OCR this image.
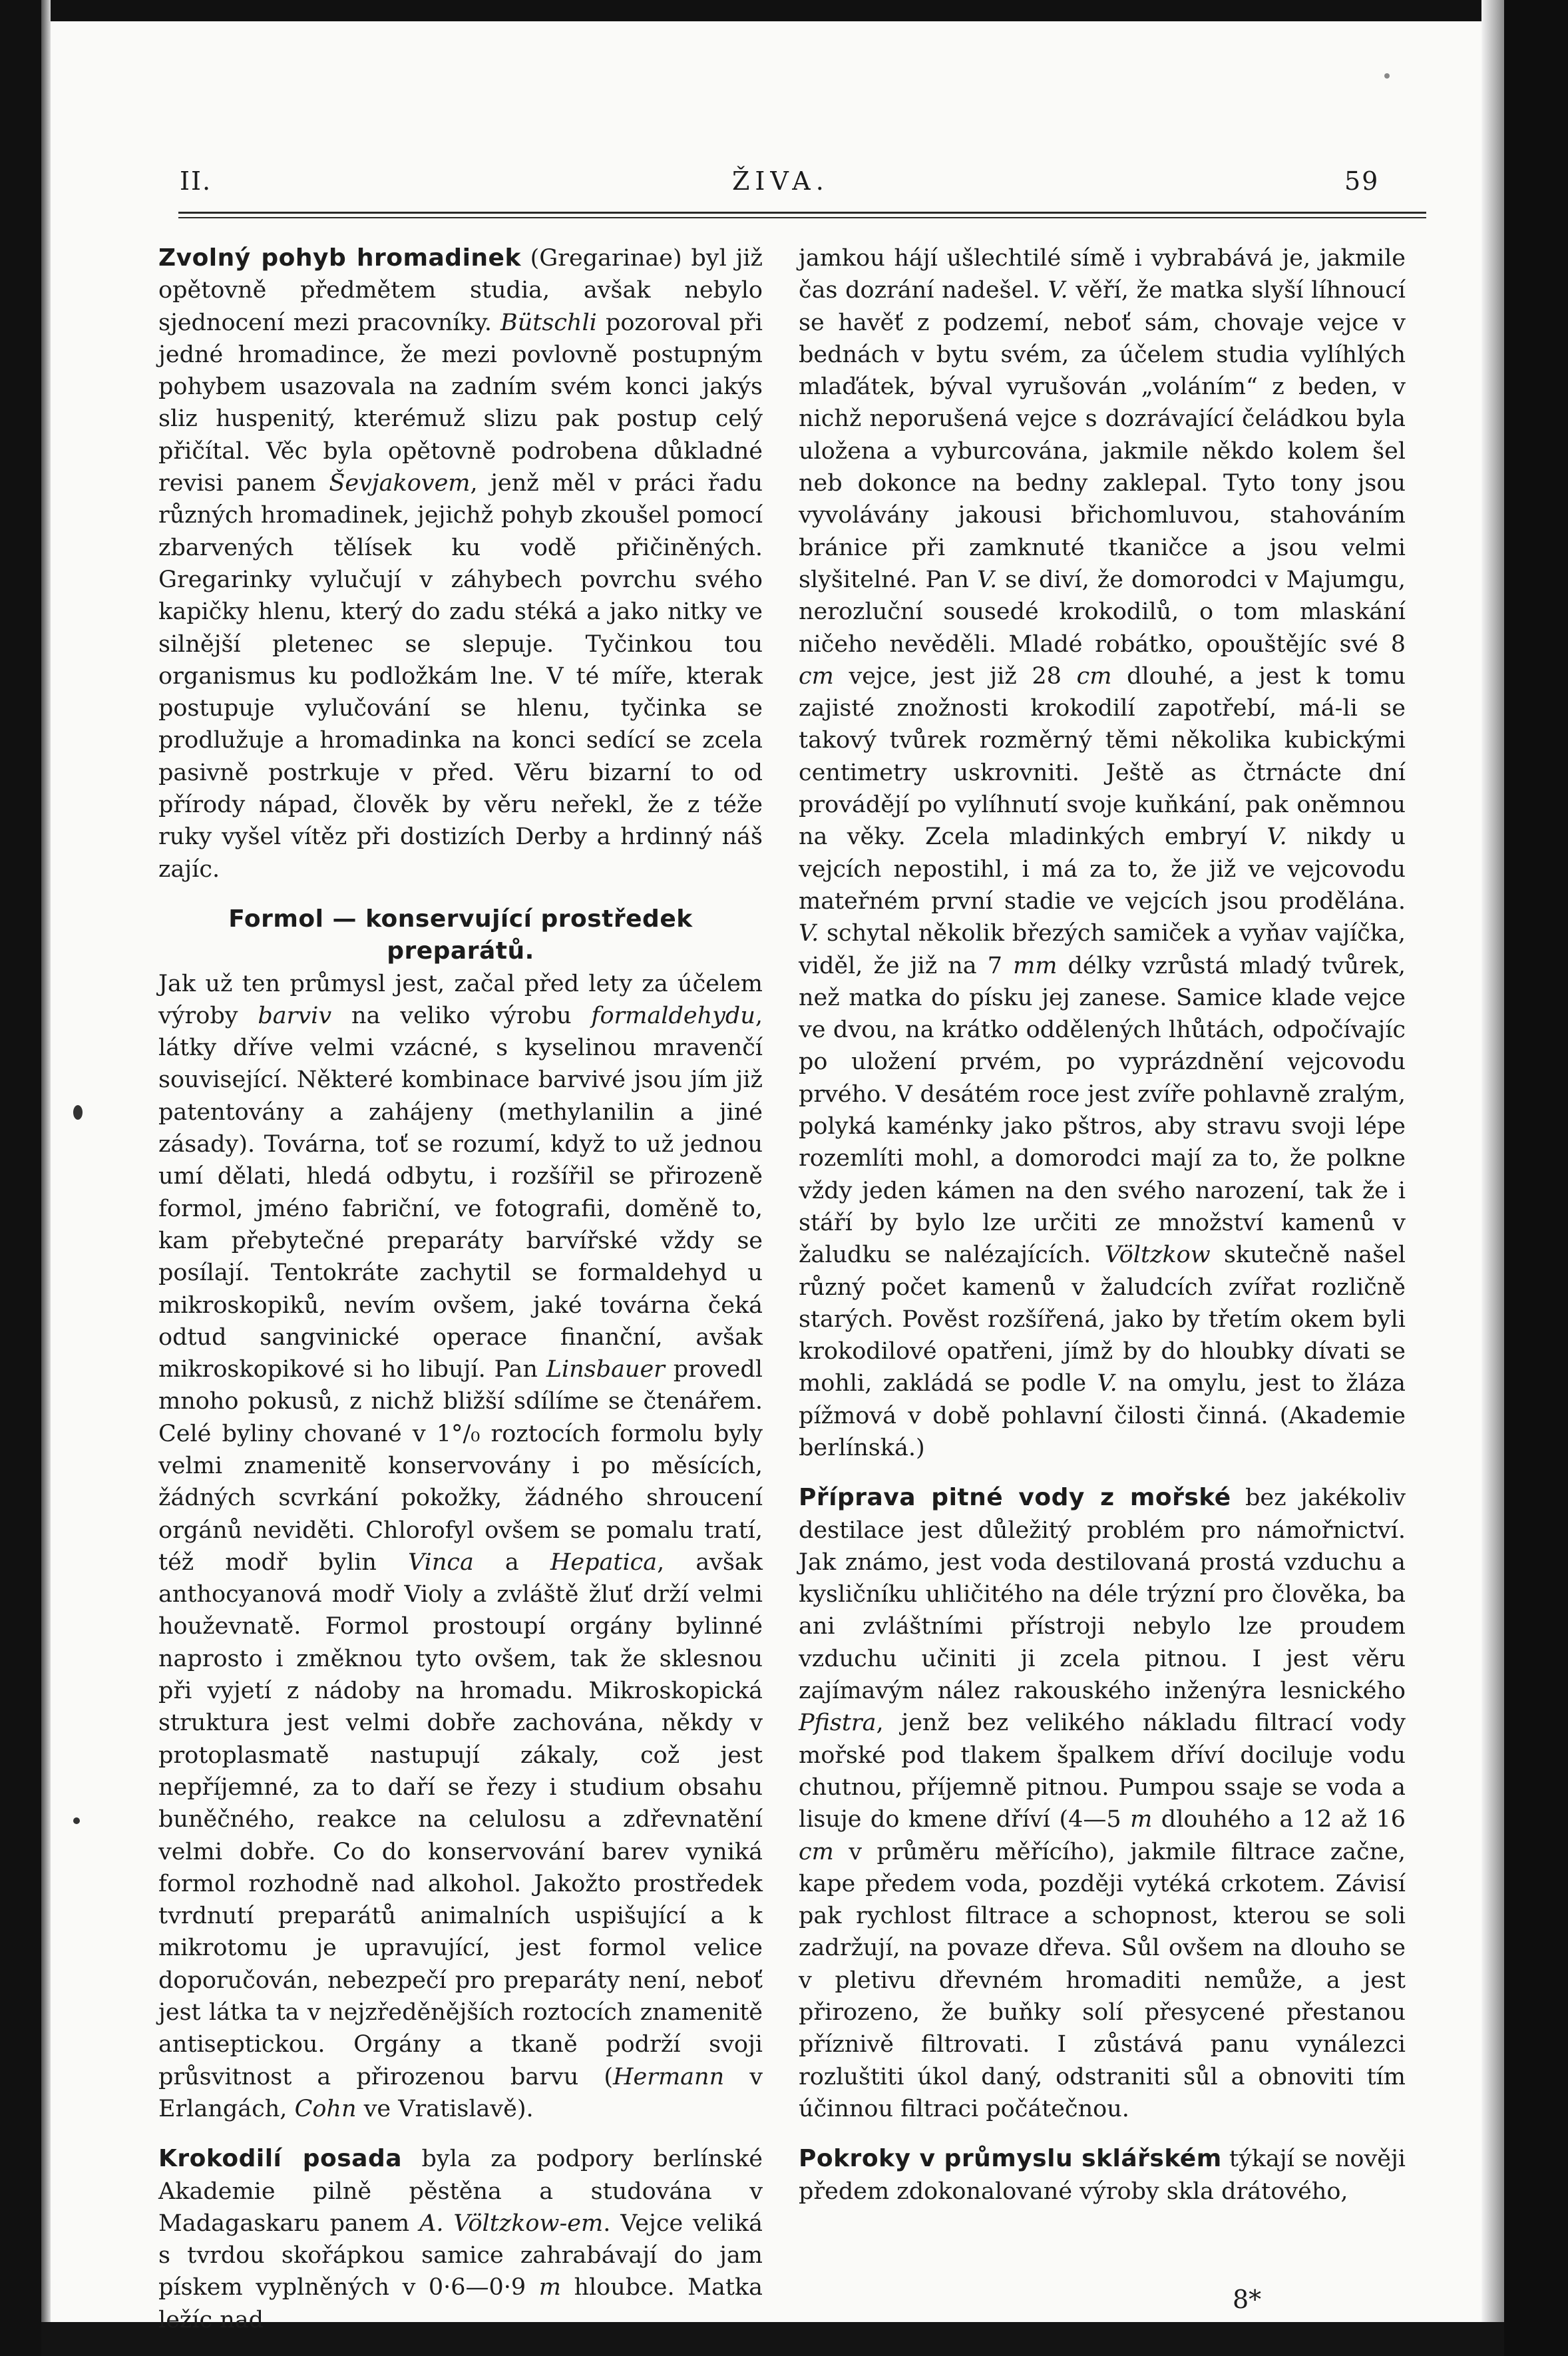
II.	ŽIVA.	59

Zvolný pohyb hromadinek (Gregarinae) byl již opětovně předmětem studia, avšak nebylo sjednocení mezi pracovníky. Bütschli pozoroval při jedné hromadince, že mezi povlovně postupným pohybem usazovala na zadním svém konci jakýs sliz huspenitý, kterémuž slizu pak postup celý přičítal. Věc byla opětovně podrobena důkladné revisi panem Ševjakovem, jenž měl v práci řadu různých hromadinek, jejichž pohyb zkoušel pomocí zbarvených tělísek ku vodě přičiněných. Gregarinky vylučují v záhybech povrchu svého kapičky hlenu, který do zadu stéká a jako nitky ve silnější pletenec se slepuje. Tyčinkou tou organismus ku podložkám lne. V té míře, kterak postupuje vylučování se hlenu, tyčinka se prodlužuje a hromadinka na konci sedící se zcela pasivně postrkuje v před. Věru bizarní to od přírody nápad, člověk by věru neřekl, že z téže ruky vyšel vítěz při dostizích Derby a hrdinný náš zajíc.

Formol — konservující prostředek preparátů.
Jak už ten průmysl jest, začal před lety za účelem výroby barviv na veliko výrobu formaldehydu, látky dříve velmi vzácné, s kyselinou mravenčí související. Některé kombinace barvivé jsou jím již patentovány a zahájeny (methylanilin a jiné zásady). Továrna, toť se rozumí, když to už jednou umí dělati, hledá odbytu, i rozšířil se přirozeně formol, jméno fabriční, ve fotografii, doměně to, kam přebytečné preparáty barvířské vždy se posílají. Tentokráte zachytil se formaldehyd u mikroskopiků, nevím ovšem, jaké továrna čeká odtud sangvinické operace finanční, avšak mikroskopikové si ho libují. Pan Linsbauer provedl mnoho pokusů, z nichž bližší sdílíme se čtenářem. Celé byliny chované v 1°/₀ roztocích formolu byly velmi znamenitě konservovány i po měsících, žádných scvrkání pokožky, žádného shroucení orgánů neviděti. Chlorofyl ovšem se pomalu tratí, též modř bylin Vinca a Hepatica, avšak anthocyanová modř Violy a zvláště žluť drží velmi houževnatě. Formol prostoupí orgány bylinné naprosto i změknou tyto ovšem, tak že sklesnou při vyjetí z nádoby na hromadu. Mikroskopická struktura jest velmi dobře zachována, někdy v protoplasmatě nastupují zákaly, což jest nepříjemné, za to daří se řezy i studium obsahu buněčného, reakce na celulosu a zdřevnatění velmi dobře. Co do konservování barev vyniká formol rozhodně nad alkohol. Jakožto prostředek tvrdnutí preparátů animalních uspišující a k mikrotomu je upravující, jest formol velice doporučován, nebezpečí pro preparáty není, neboť jest látka ta v nejzředěnějších roztocích znamenitě antiseptickou. Orgány a tkaně podrží svoji průsvitnost a přirozenou barvu (Hermann v Erlangách, Cohn ve Vratislavě).

Krokodilí posada byla za podpory berlínské Akademie pilně pěstěna a studována v Madagaskaru panem A. Völtzkow-em. Vejce veliká s tvrdou skořápkou samice zahrabávají do jam pískem vyplněných v 0·6—0·9 m hloubce. Matka ležíc nad

jamkou hájí ušlechtilé símě i vybrabává je, jakmile čas dozrání nadešel. V. věří, že matka slyší líhnoucí se havěť z podzemí, neboť sám, chovaje vejce v bednách v bytu svém, za účelem studia vylíhlých mlaďátek, býval vyrušován „voláním“ z beden, v nichž neporušená vejce s dozrávající čeládkou byla uložena a vyburcována, jakmile někdo kolem šel neb dokonce na bedny zaklepal. Tyto tony jsou vyvolávány jakousi břichomluvou, stahováním bránice při zamknuté tkaničce a jsou velmi slyšitelné. Pan V. se diví, že domorodci v Majumgu, nerozluční sousedé krokodilů, o tom mlaskání ničeho nevěděli. Mladé robátko, opouštějíc své 8 cm vejce, jest již 28 cm dlouhé, a jest k tomu zajisté znožnosti krokodilí zapotřebí, má-li se takový tvůrek rozměrný těmi několika kubickými centimetry uskrovniti. Ještě as čtrnácte dní provádějí po vylíhnutí svoje kuňkání, pak oněmnou na věky. Zcela mladinkých embryí V. nikdy u vejcích nepostihl, i má za to, že již ve vejcovodu mateřném první stadie ve vejcích jsou prodělána. V. schytal několik březých samiček a vyňav vajíčka, viděl, že již na 7 mm délky vzrůstá mladý tvůrek, než matka do písku jej zanese. Samice klade vejce ve dvou, na krátko oddělených lhůtách, odpočívajíc po uložení prvém, po vyprázdnění vejcovodu prvého. V desátém roce jest zvíře pohlavně zralým, polyká kaménky jako pštros, aby stravu svoji lépe rozemlíti mohl, a domorodci mají za to, že polkne vždy jeden kámen na den svého narození, tak že i stáří by bylo lze určiti ze množství kamenů v žaludku se nalézajících. Völtzkow skutečně našel různý počet kamenů v žaludcích zvířat rozličně starých. Pověst rozšířená, jako by třetím okem byli krokodilové opatřeni, jímž by do hloubky dívati se mohli, zakládá se podle V. na omylu, jest to žláza pížmová v době pohlavní čilosti činná. (Akademie berlínská.)

Příprava pitné vody z mořské bez jakékoliv destilace jest důležitý problém pro námořnictví. Jak známo, jest voda destilovaná prostá vzduchu a kysličníku uhličitého na déle trýzní pro člověka, ba ani zvláštními přístroji nebylo lze proudem vzduchu učiniti ji zcela pitnou. I jest věru zajímavým nález rakouského inženýra lesnického Pfistra, jenž bez velikého nákladu filtrací vody mořské pod tlakem špalkem dříví dociluje vodu chutnou, příjemně pitnou. Pumpou ssaje se voda a lisuje do kmene dříví (4—5 m dlouhého a 12 až 16 cm v průměru měřícího), jakmile filtrace začne, kape předem voda, později vytéká crkotem. Závisí pak rychlost filtrace a schopnost, kterou se soli zadržují, na povaze dřeva. Sůl ovšem na dlouho se v pletivu dřevném hromaditi nemůže, a jest přirozeno, že buňky solí přesycené přestanou příznivě filtrovati. I zůstává panu vynálezci rozluštiti úkol daný, odstraniti sůl a obnoviti tím účinnou filtraci počátečnou.

Pokroky v průmyslu sklářském týkají se nověji předem zdokonalované výroby skla drátového,

8*
